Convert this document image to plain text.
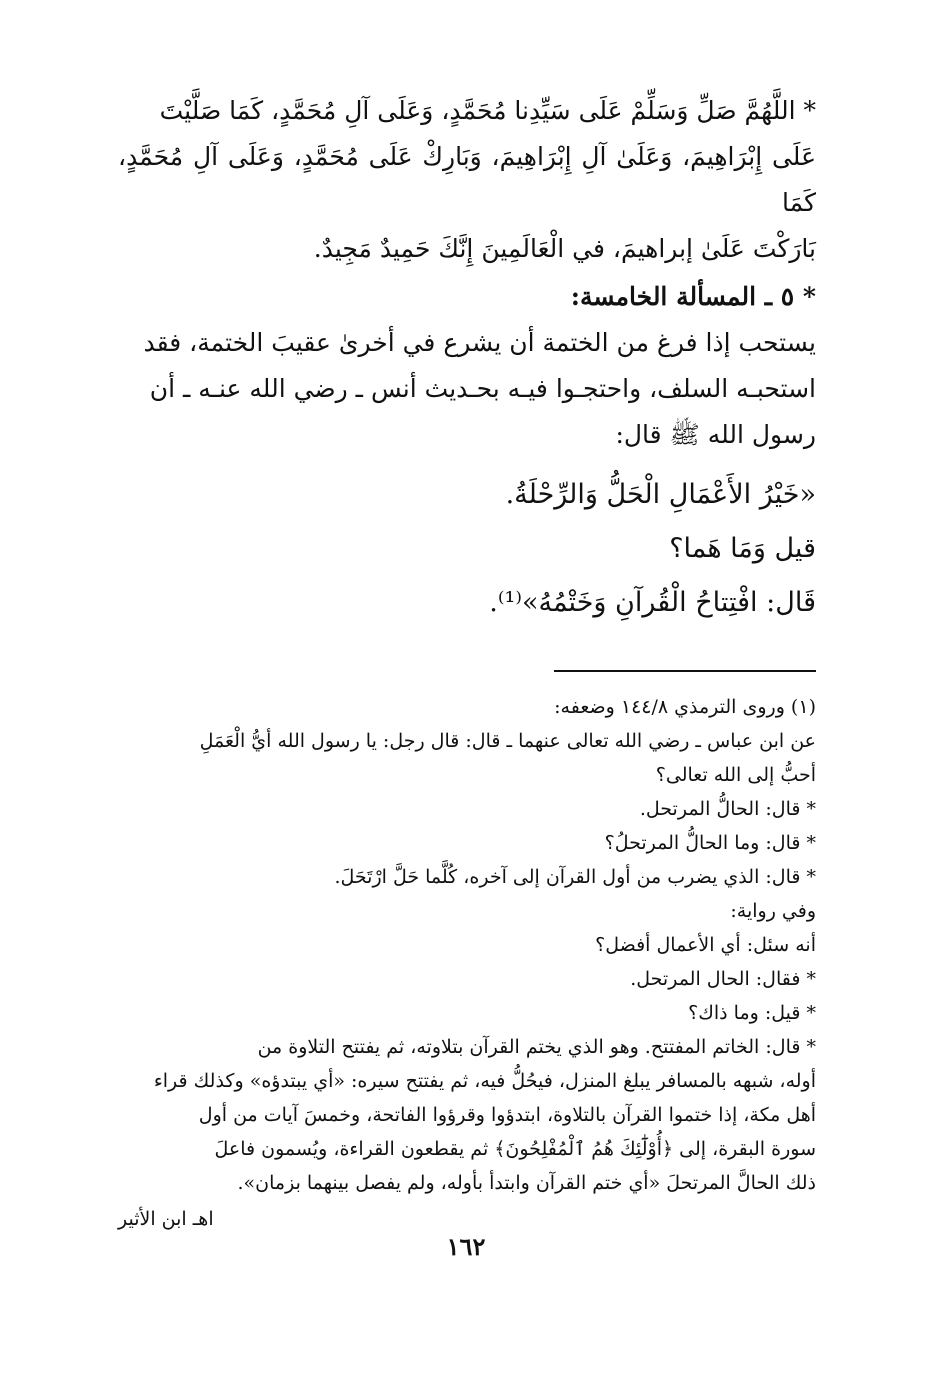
* اللَّهُمَّ صَلِّ وَسَلِّمْ عَلَى سَيِّدِنا مُحَمَّدٍ، وَعَلَى آلِ مُحَمَّدٍ، كَمَا صَلَّيْتَ

عَلَى إِبْرَاهِيمَ، وَعَلَىٰ آلِ إِبْرَاهِيمَ، وَبَارِكْ عَلَى مُحَمَّدٍ، وَعَلَى آلِ مُحَمَّدٍ، كَمَا

بَارَكْتَ عَلَىٰ إبراهيمَ، في الْعَالَمِينَ إِنَّكَ حَمِيدٌ مَجِيدٌ.

* ٥ ـ المسألة الخامسة:

يستحب إذا فرغ من الختمة أن يشرع في أخرىٰ عقيبَ الختمة، فقد

استحبـه السلف، واحتجـوا فيـه بحـديث أنس ـ رضي الله عنـه ـ أن

رسول الله ﷺ قال:

«خَيْرُ الأَعْمَالِ الْحَلُّ وَالرِّحْلَةُ.

قيل وَمَا هَما؟

قَال: افْتِتاحُ الْقُرآنِ وَخَتْمُهُ»⁽¹⁾.

(١) وروى الترمذي ١٤٤/٨ وضعفه:

عن ابن عباس ـ رضي الله تعالى عنهما ـ قال: قال رجل: يا رسول الله أيُّ الْعَمَلِ

أحبُّ إلى الله تعالى؟

* قال: الحالُّ المرتحل.

* قال: وما الحالُّ المرتحلُ؟

* قال: الذي يضرب من أول القرآن إلى آخره، كُلَّما حَلَّ ارْتَحَلَ.

وفي رواية:

أنه سئل: أي الأعمال أفضل؟

* فقال: الحال المرتحل.

* قيل: وما ذاك؟

* قال: الخاتم المفتتح. وهو الذي يختم القرآن بتلاوته، ثم يفتتح التلاوة من

أوله، شبهه بالمسافر يبلغ المنزل، فيحُلُّ فيه، ثم يفتتح سيره: «أي يبتدؤه» وكذلك قراء

أهل مكة، إذا ختموا القرآن بالتلاوة، ابتدؤوا وقرؤوا الفاتحة، وخمسَ آيات من أول

سورة البقرة، إلى ﴿أُوْلَٰٓئِكَ هُمُ ٱلْمُفْلِحُونَ﴾ ثم يقطعون القراءة، ويُسمون فاعلَ

ذلك الحالَّ المرتحلَ «أي ختم القرآن وابتدأ بأوله، ولم يفصل بينهما بزمان».

اهـ ابن الأثير

١٦٢
